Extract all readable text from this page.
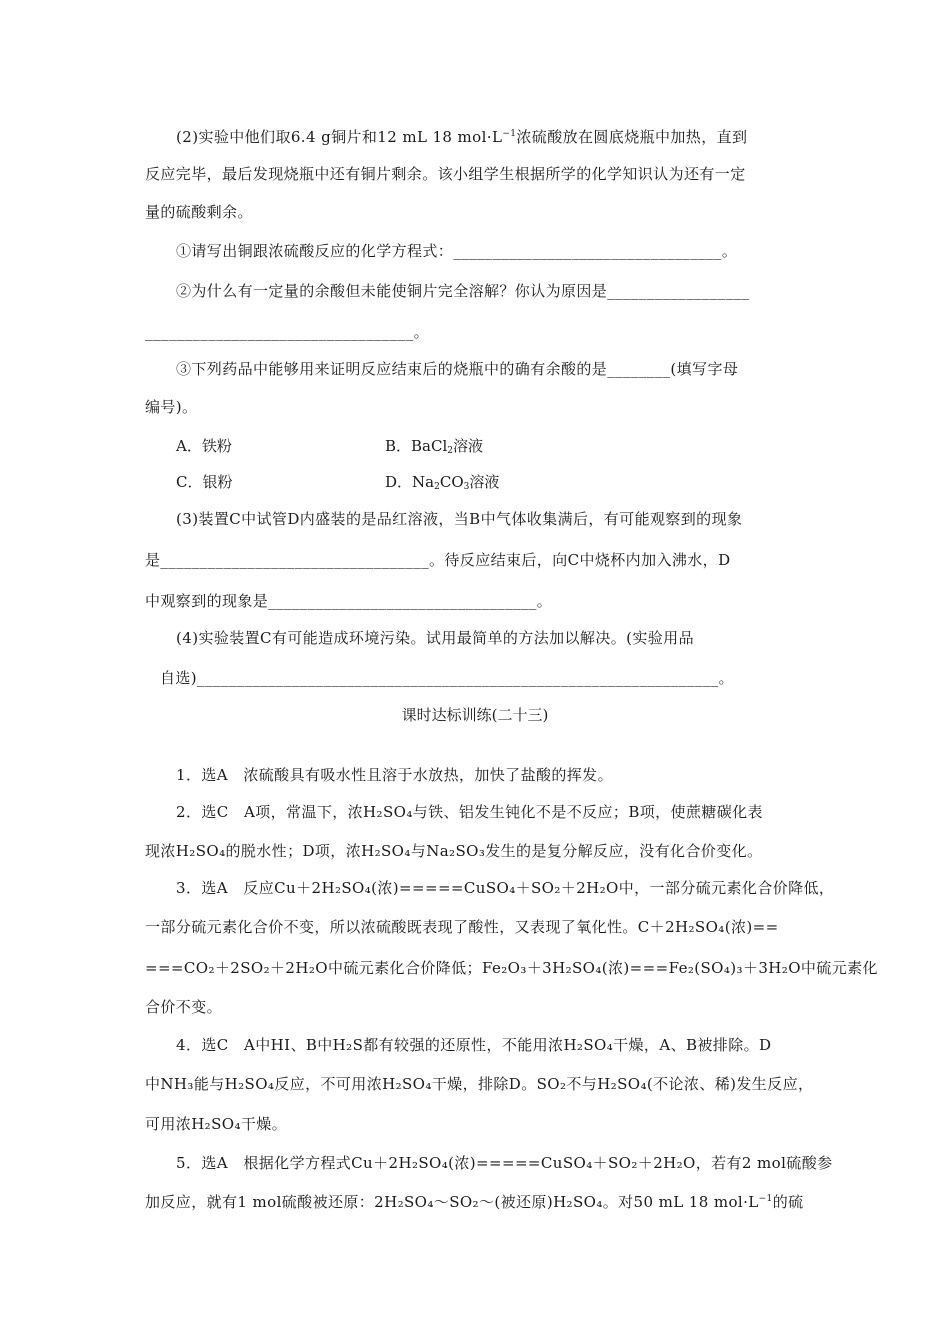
(2)实验中他们取6.4 g铜片和12 mL 18 $mol\cdot L^{-1}$浓硫酸放在圆底烧瓶中加热，直到
反应完毕，最后发现烧瓶中还有铜片剩余。该小组学生根据所学的化学知识认为还有一定
量的硫酸剩余。
①请写出铜跟浓硫酸反应的化学方程式：__________________________________。
②为什么有一定量的余酸但未能使铜片完全溶解？你认为原因是__________________
__________________________________。
③下列药品中能够用来证明反应结束后的烧瓶中的确有余酸的是________(填写字母
编号)。
A．铁粉	B．BaCl$_2$溶液
C．银粉	D．$Na_2CO_3$溶液
(3)装置C中试管D内盛装的是品红溶液，当B中气体收集满后，有可能观察到的现象
是__________________________________。待反应结束后，向C中烧杯内加入沸水，D
中观察到的现象是__________________________________。
(4)实验装置C有可能造成环境污染。试用最简单的方法加以解决。(实验用品
自选)__________________________________________________________________。
课时达标训练(二十三)
1．选A　浓硫酸具有吸水性且溶于水放热，加快了盐酸的挥发。
2．选C　A项，常温下，浓H₂SO₄与铁、铝发生钝化不是不反应；B项，使蔗糖碳化表
现浓H₂SO₄的脱水性；D项，浓H₂SO₄与Na₂SO₃发生的是复分解反应，没有化合价变化。
3．选A　反应Cu＋2H₂SO₄(浓)=====CuSO₄＋SO₂＋2H₂O中，一部分硫元素化合价降低，
一部分硫元素化合价不变，所以浓硫酸既表现了酸性，又表现了氧化性。C＋2H₂SO₄(浓)==
===CO₂＋2SO₂＋2H₂O中硫元素化合价降低；Fe₂O₃＋3H₂SO₄(浓)===Fe₂(SO₄)₃＋3H₂O中硫元素化
合价不变。
4．选C　A中HI、B中H₂S都有较强的还原性，不能用浓H₂SO₄干燥，A、B被排除。D
中NH₃能与H₂SO₄反应，不可用浓H₂SO₄干燥，排除D。SO₂不与H₂SO₄(不论浓、稀)发生反应，
可用浓H₂SO₄干燥。
5．选A　根据化学方程式Cu＋2H₂SO₄(浓)=====CuSO₄＋SO₂＋2H₂O，若有2 mol硫酸参
加反应，就有1 mol硫酸被还原：2H₂SO₄～SO₂～(被还原)H₂SO₄。对50 mL 18 $mol\cdot L^{-1}$的硫
